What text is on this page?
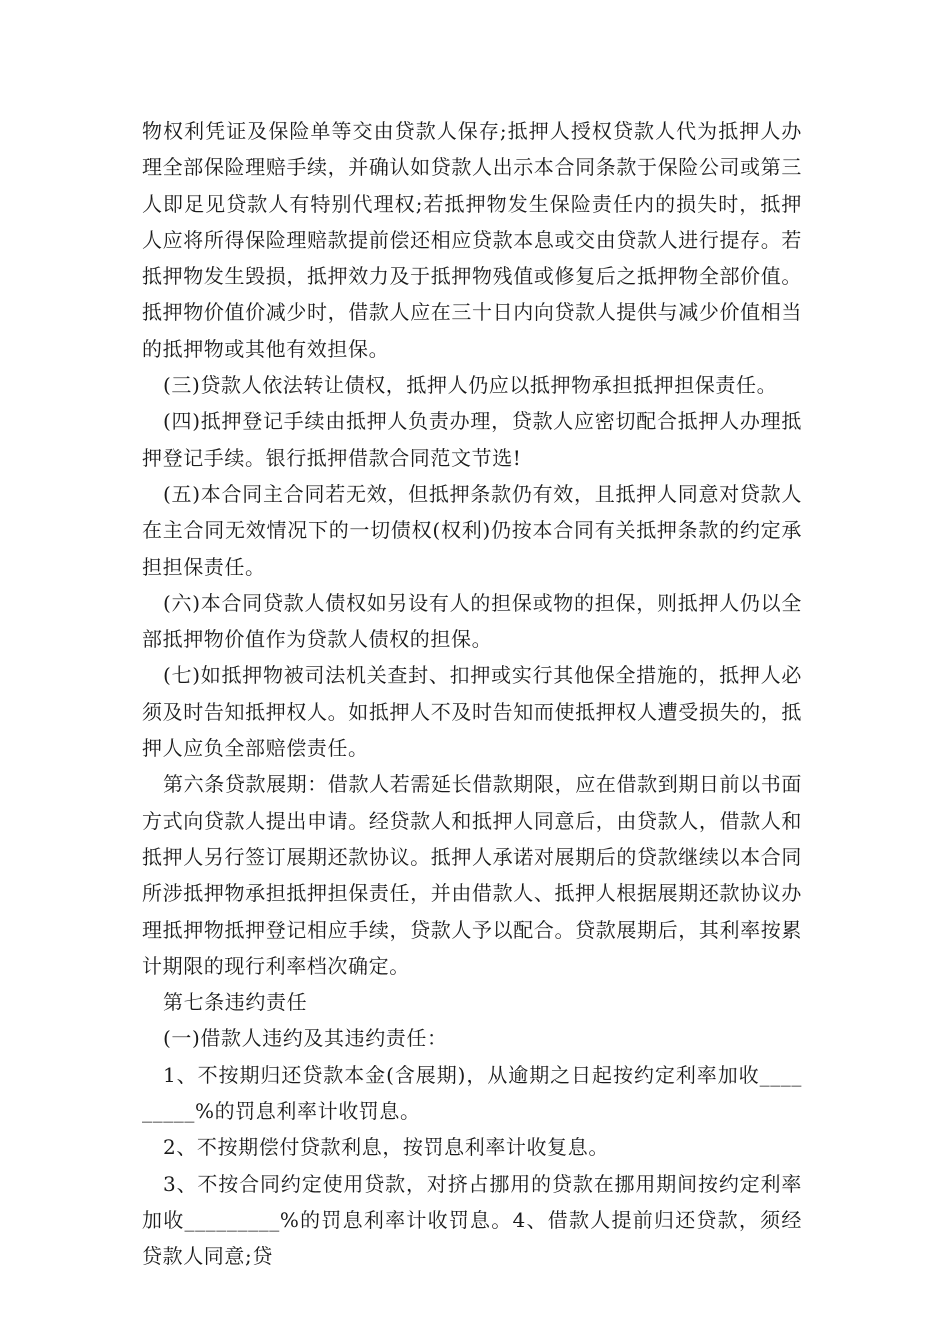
物权利凭证及保险单等交由贷款人保存;抵押人授权贷款人代为抵押人办理全部保险理赔手续，并确认如贷款人出示本合同条款于保险公司或第三人即足见贷款人有特别代理权;若抵押物发生保险责任内的损失时，抵押人应将所得保险理赔款提前偿还相应贷款本息或交由贷款人进行提存。若抵押物发生毁损，抵押效力及于抵押物残值或修复后之抵押物全部价值。抵押物价值价减少时，借款人应在三十日内向贷款人提供与减少价值相当的抵押物或其他有效担保。

(三)贷款人依法转让债权，抵押人仍应以抵押物承担抵押担保责任。

(四)抵押登记手续由抵押人负责办理，贷款人应密切配合抵押人办理抵押登记手续。银行抵押借款合同范文节选!

(五)本合同主合同若无效，但抵押条款仍有效，且抵押人同意对贷款人在主合同无效情况下的一切债权(权利)仍按本合同有关抵押条款的约定承担担保责任。

(六)本合同贷款人债权如另设有人的担保或物的担保，则抵押人仍以全部抵押物价值作为贷款人债权的担保。

(七)如抵押物被司法机关查封、扣押或实行其他保全措施的，抵押人必须及时告知抵押权人。如抵押人不及时告知而使抵押权人遭受损失的，抵押人应负全部赔偿责任。

第六条贷款展期：借款人若需延长借款期限，应在借款到期日前以书面方式向贷款人提出申请。经贷款人和抵押人同意后，由贷款人，借款人和抵押人另行签订展期还款协议。抵押人承诺对展期后的贷款继续以本合同所涉抵押物承担抵押担保责任，并由借款人、抵押人根据展期还款协议办理抵押物抵押登记相应手续，贷款人予以配合。贷款展期后，其利率按累计期限的现行利率档次确定。

第七条违约责任

(一)借款人违约及其违约责任：

1、不按期归还贷款本金(含展期)，从逾期之日起按约定利率加收_________%的罚息利率计收罚息。

2、不按期偿付贷款利息，按罚息利率计收复息。

3、不按合同约定使用贷款，对挤占挪用的贷款在挪用期间按约定利率加收_________%的罚息利率计收罚息。4、借款人提前归还贷款，须经贷款人同意;贷
